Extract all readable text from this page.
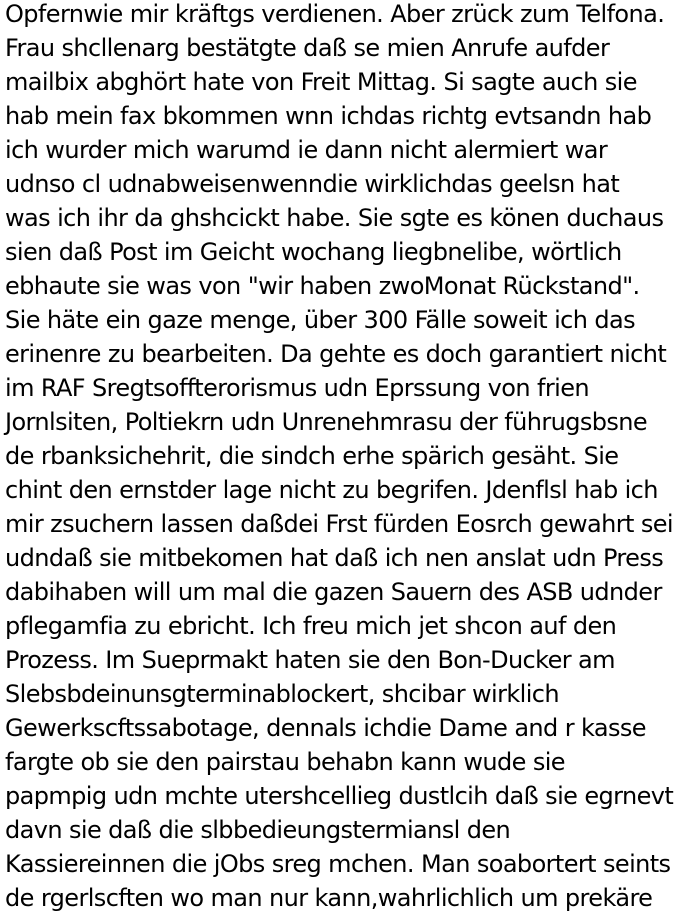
Opfernwie mir kräftgs verdienen. Aber zrück zum Telfona.
Frau shcllenarg bestätgte daß se mien Anrufe aufder
mailbix abghört hate von Freit Mittag. Si sagte auch sie
hab mein fax bkommen wnn ichdas richtg evtsandn hab
ich wurder mich warumd ie dann nicht alermiert war
udnso cl udnabweisenwenndie wirklichdas geelsn hat
was ich ihr da ghshcickt habe. Sie sgte es könen duchaus
sien daß Post im Geicht wochang liegbnelibe, wörtlich
ebhaute sie was von "wir haben zwoMonat Rückstand".
Sie häte ein gaze menge, über 300 Fälle soweit ich das
erinenre zu bearbeiten. Da gehte es doch garantiert nicht
im RAF Sregtsoffterorismus udn Eprssung von frien
Jornlsiten, Poltiekrn udn Unrenehmrasu der führugsbsne
de rbanksichehrit, die sindch erhe spärich gesäht. Sie
chint den ernstder lage nicht zu begrifen. Jdenflsl hab ich
mir zsuchern lassen daßdei Frst fürden Eosrch gewahrt sei
udndaß sie mitbekomen hat daß ich nen anslat udn Press
dabihaben will um mal die gazen Sauern des ASB udnder
pflegamfia zu ebricht. Ich freu mich jet shcon auf den
Prozess. Im Sueprmakt haten sie den Bon-Ducker am
Slebsbdeinunsgterminablockert, shcibar wirklich
Gewerkscftssabotage, dennals ichdie Dame and r kasse
fargte ob sie den pairstau behabn kann wude sie
papmpig udn mchte utershcellieg dustlcih daß sie egrnevt
davn sie daß die slbbedieungstermiansl den
Kassiereinnen die jObs sreg mchen. Man soabortert seints
de rgerlscften wo man nur kann,wahrlichlich um prekäre
